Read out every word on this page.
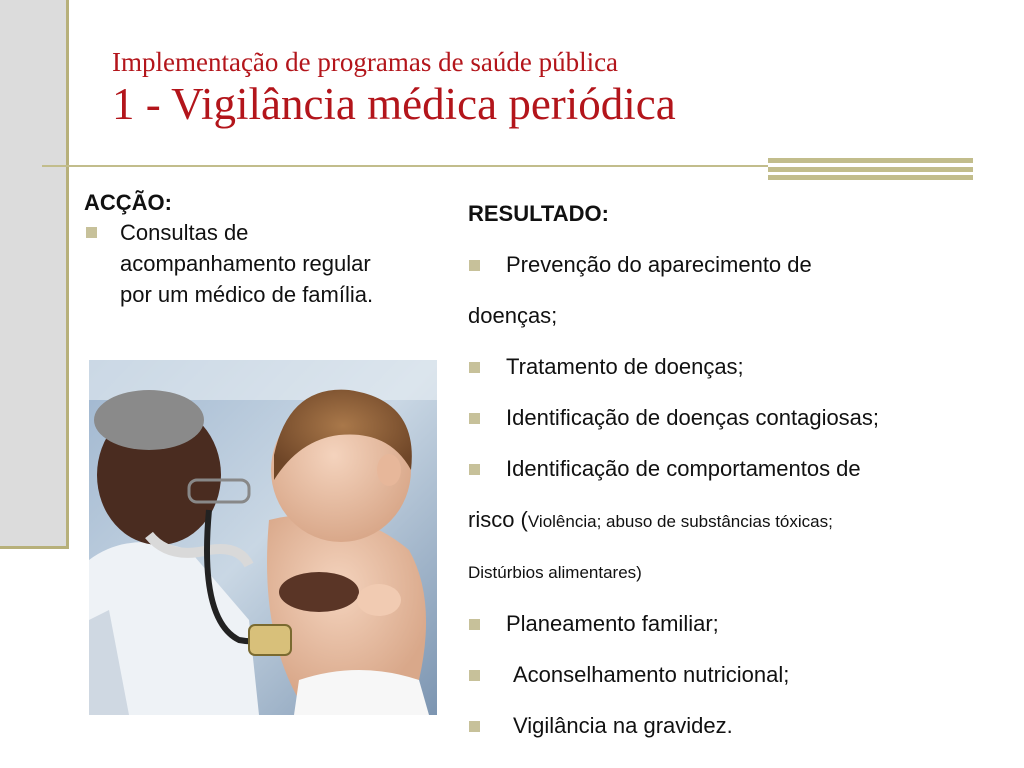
Implementação de programas de saúde pública
1 - Vigilância médica periódica
ACÇÃO:
Consultas de
acompanhamento regular
por um médico de família.
RESULTADO:
Prevenção do aparecimento de
doenças;
Tratamento de doenças;
Identificação de doenças contagiosas;
Identificação de comportamentos de
risco (Violência; abuso de substâncias tóxicas;
Distúrbios alimentares)
Planeamento familiar;
Aconselhamento nutricional;
Vigilância na gravidez.
